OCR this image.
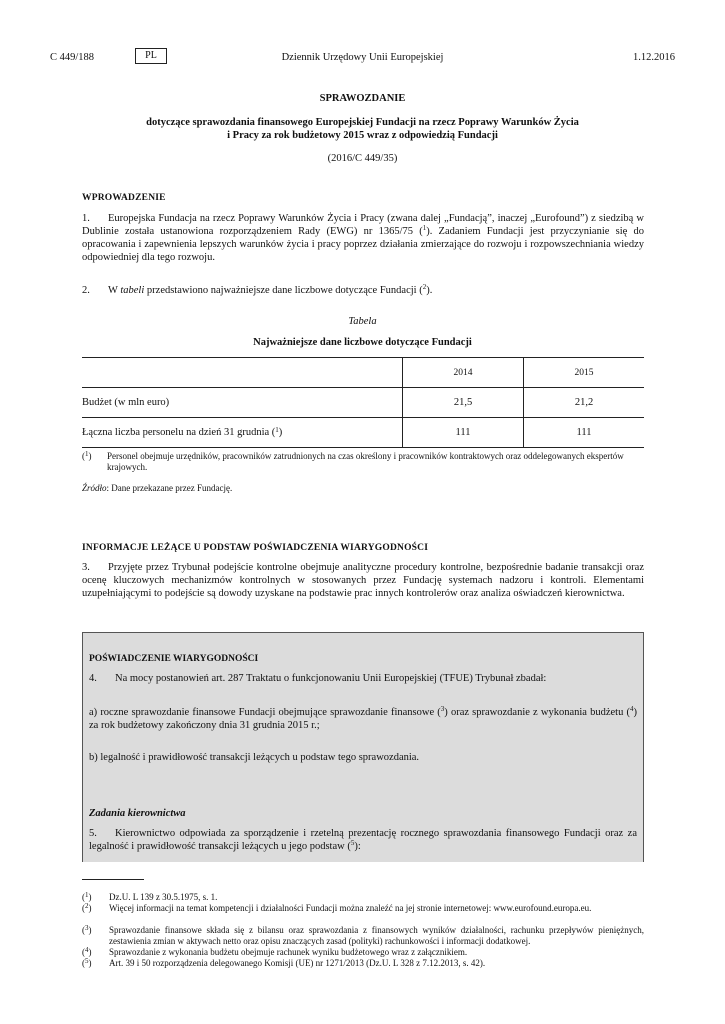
C 449/188	Dziennik Urzędowy Unii Europejskiej
PL	1.12.2016
SPRAWOZDANIE
dotyczące sprawozdania finansowego Europejskiej Fundacji na rzecz Poprawy Warunków Życia
i Pracy za rok budżetowy 2015 wraz z odpowiedzią Fundacji
(2016/C 449/35)
WPROWADZENIE
1. Europejska Fundacja na rzecz Poprawy Warunków Życia i Pracy (zwana dalej „Fundacją”, inaczej „Eurofound”) z siedzibą w Dublinie została ustanowiona rozporządzeniem Rady (EWG) nr 1365/75 ($^1$). Zadaniem Fundacji jest przyczynianie się do opracowania i zapewnienia lepszych warunków życia i pracy poprzez działania zmierzające do rozwoju i rozpowszechniania wiedzy odpowiedniej dla tego rozwoju.
2. W tabeli przedstawiono najważniejsze dane liczbowe dotyczące Fundacji ($^2$).
Tabela
Najważniejsze dane liczbowe dotyczące Fundacji
	2014	2015
Budżet (w mln euro)	21,5	21,2
Łączna liczba personelu na dzień 31 grudnia ($^1$)	111	111
($^1$) Personel obejmuje urzędników, pracowników zatrudnionych na czas określony i pracowników kontraktowych oraz oddelegowanych ekspertów krajowych.
Źródło: Dane przekazane przez Fundację.
INFORMACJE LEŻĄCE U PODSTAW POŚWIADCZENIA WIARYGODNOŚCI
3. Przyjęte przez Trybunał podejście kontrolne obejmuje analityczne procedury kontrolne, bezpośrednie badanie transakcji oraz ocenę kluczowych mechanizmów kontrolnych w stosowanych przez Fundację systemach nadzoru i kontroli. Elementami uzupełniającymi to podejście są dowody uzyskane na podstawie prac innych kontrolerów oraz analiza oświadczeń kierownictwa.
POŚWIADCZENIE WIARYGODNOŚCI
4. Na mocy postanowień art. 287 Traktatu o funkcjonowaniu Unii Europejskiej (TFUE) Trybunał zbadał:
a) roczne sprawozdanie finansowe Fundacji obejmujące sprawozdanie finansowe ($^3$) oraz sprawozdanie z wykonania budżetu ($^4$) za rok budżetowy zakończony dnia 31 grudnia 2015 r.;
b) legalność i prawidłowość transakcji leżących u podstaw tego sprawozdania.
Zadania kierownictwa
5. Kierownictwo odpowiada za sporządzenie i rzetelną prezentację rocznego sprawozdania finansowego Fundacji oraz za legalność i prawidłowość transakcji leżących u jego podstaw ($^5$):
($^1$) Dz.U. L 139 z 30.5.1975, s. 1.
($^2$) Więcej informacji na temat kompetencji i działalności Fundacji można znaleźć na jej stronie internetowej: www.eurofound.europa.eu.
($^3$) Sprawozdanie finansowe składa się z bilansu oraz sprawozdania z finansowych wyników działalności, rachunku przepływów pieniężnych, zestawienia zmian w aktywach netto oraz opisu znaczących zasad (polityki) rachunkowości i informacji dodatkowej.
($^4$) Sprawozdanie z wykonania budżetu obejmuje rachunek wyniku budżetowego wraz z załącznikiem.
($^5$) Art. 39 i 50 rozporządzenia delegowanego Komisji (UE) nr 1271/2013 (Dz.U. L 328 z 7.12.2013, s. 42).
